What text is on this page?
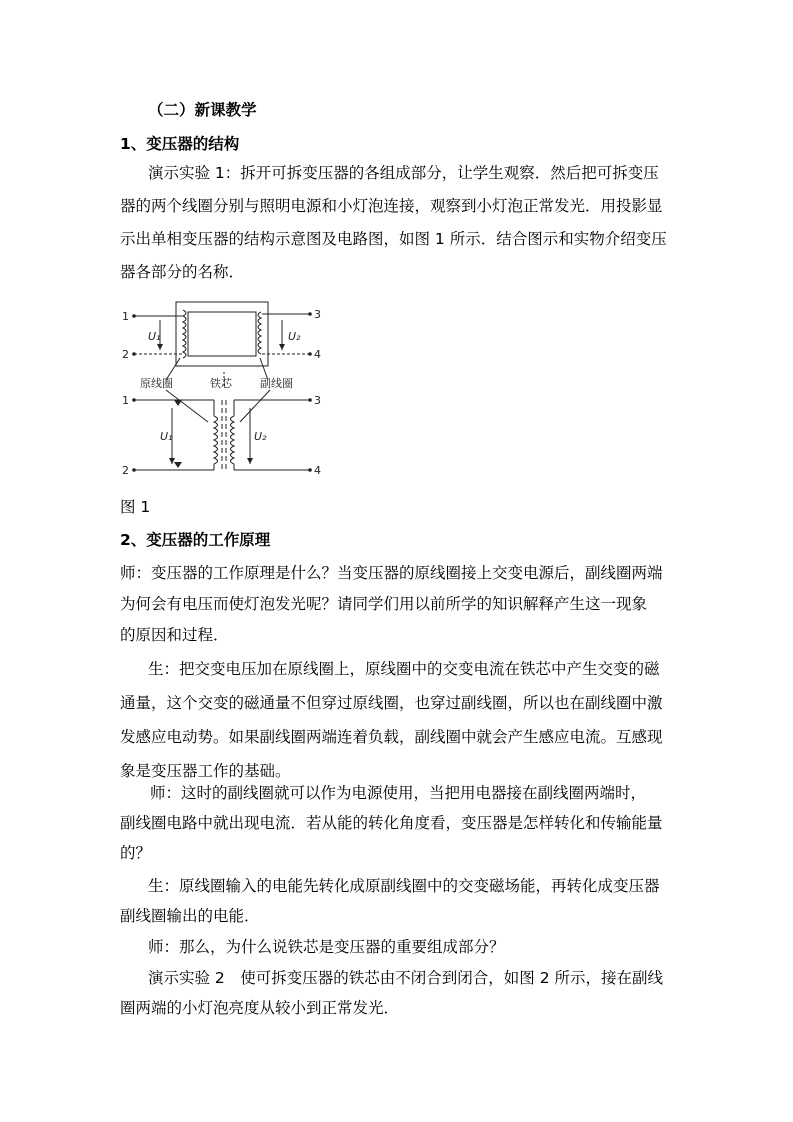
（二）新课教学
1、变压器的结构
演示实验 1：拆开可拆变压器的各组成部分，让学生观察．然后把可拆变压
器的两个线圈分别与照明电源和小灯泡连接，观察到小灯泡正常发光．用投影显
示出单相变压器的结构示意图及电路图，如图 1 所示．结合图示和实物介绍变压
器各部分的名称．
1
2
3
4
1
2
3
4
U₁	U₂
U₁	U₂
原线圈	铁芯	副线圈
图 1
2、变压器的工作原理
师：变压器的工作原理是什么？当变压器的原线圈接上交变电源后，副线圈两端
为何会有电压而使灯泡发光呢？请同学们用以前所学的知识解释产生这一现象
的原因和过程．
生：把交变电压加在原线圈上，原线圈中的交变电流在铁芯中产生交变的磁
通量，这个交变的磁通量不但穿过原线圈，也穿过副线圈，所以也在副线圈中激
发感应电动势。如果副线圈两端连着负载，副线圈中就会产生感应电流。互感现
象是变压器工作的基础。
师：这时的副线圈就可以作为电源使用，当把用电器接在副线圈两端时，
副线圈电路中就出现电流．若从能的转化角度看，变压器是怎样转化和传输能量
的？
生：原线圈输入的电能先转化成原副线圈中的交变磁场能，再转化成变压器
副线圈输出的电能．
师：那么，为什么说铁芯是变压器的重要组成部分？
演示实验 2　使可拆变压器的铁芯由不闭合到闭合，如图 2 所示，接在副线
圈两端的小灯泡亮度从较小到正常发光．
